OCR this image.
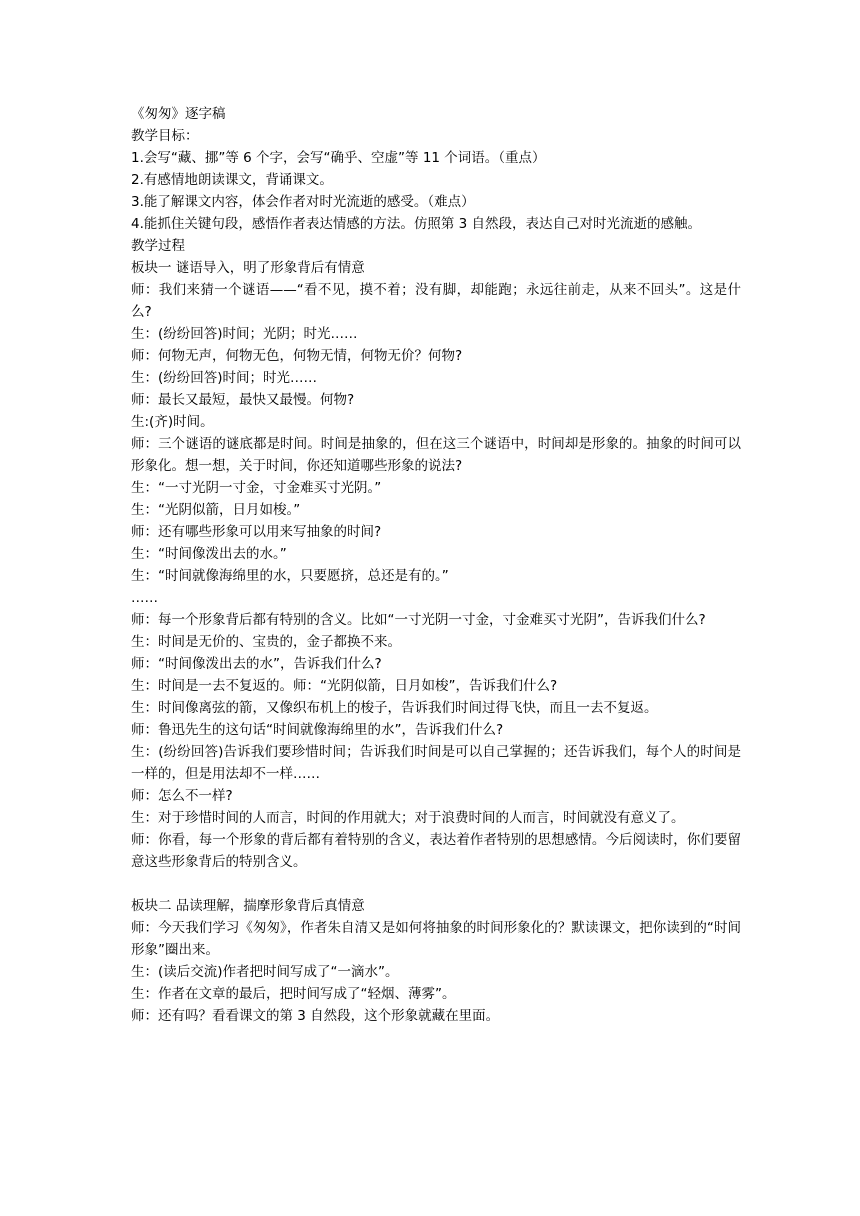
《匆匆》逐字稿

教学目标：

1.会写“藏、挪”等 6 个字，会写“确乎、空虚”等 11 个词语。（重点）

2.有感情地朗读课文，背诵课文。

3.能了解课文内容，体会作者对时光流逝的感受。（难点）

4.能抓住关键句段，感悟作者表达情感的方法。仿照第 3 自然段，表达自己对时光流逝的感触。

教学过程

板块一 谜语导入，明了形象背后有情意

师：我们来猜一个谜语——“看不见，摸不着；没有脚，却能跑；永远往前走，从来不回头”。这是什么?

生：(纷纷回答)时间；光阴；时光……

师：何物无声，何物无色，何物无情，何物无价？何物?

生：(纷纷回答)时间；时光……

师：最长又最短，最快又最慢。何物?

生:(齐)时间。

师：三个谜语的谜底都是时间。时间是抽象的，但在这三个谜语中，时间却是形象的。抽象的时间可以形象化。想一想，关于时间，你还知道哪些形象的说法?

生：“一寸光阴一寸金，寸金难买寸光阴。”

生：“光阴似箭，日月如梭。”

师：还有哪些形象可以用来写抽象的时间?

生：“时间像泼出去的水。”

生：“时间就像海绵里的水，只要愿挤，总还是有的。”

……

师：每一个形象背后都有特别的含义。比如“一寸光阴一寸金，寸金难买寸光阴”，告诉我们什么?

生：时间是无价的、宝贵的，金子都换不来。

师：“时间像泼出去的水”，告诉我们什么?

生：时间是一去不复返的。师：“光阴似箭，日月如梭”，告诉我们什么?

生：时间像离弦的箭，又像织布机上的梭子，告诉我们时间过得飞快，而且一去不复返。

师：鲁迅先生的这句话“时间就像海绵里的水”，告诉我们什么?

生：(纷纷回答)告诉我们要珍惜时间；告诉我们时间是可以自己掌握的；还告诉我们，每个人的时间是一样的，但是用法却不一样……

师：怎么不一样?

生：对于珍惜时间的人而言，时间的作用就大；对于浪费时间的人而言，时间就没有意义了。

师：你看，每一个形象的背后都有着特别的含义，表达着作者特别的思想感情。今后阅读时，你们要留意这些形象背后的特别含义。

板块二 品读理解，揣摩形象背后真情意

师：今天我们学习《匆匆》，作者朱自清又是如何将抽象的时间形象化的？默读课文，把你读到的“时间形象”圈出来。

生：(读后交流)作者把时间写成了“一滴水”。

生：作者在文章的最后，把时间写成了“轻烟、薄雾”。

师：还有吗？看看课文的第 3 自然段，这个形象就藏在里面。
